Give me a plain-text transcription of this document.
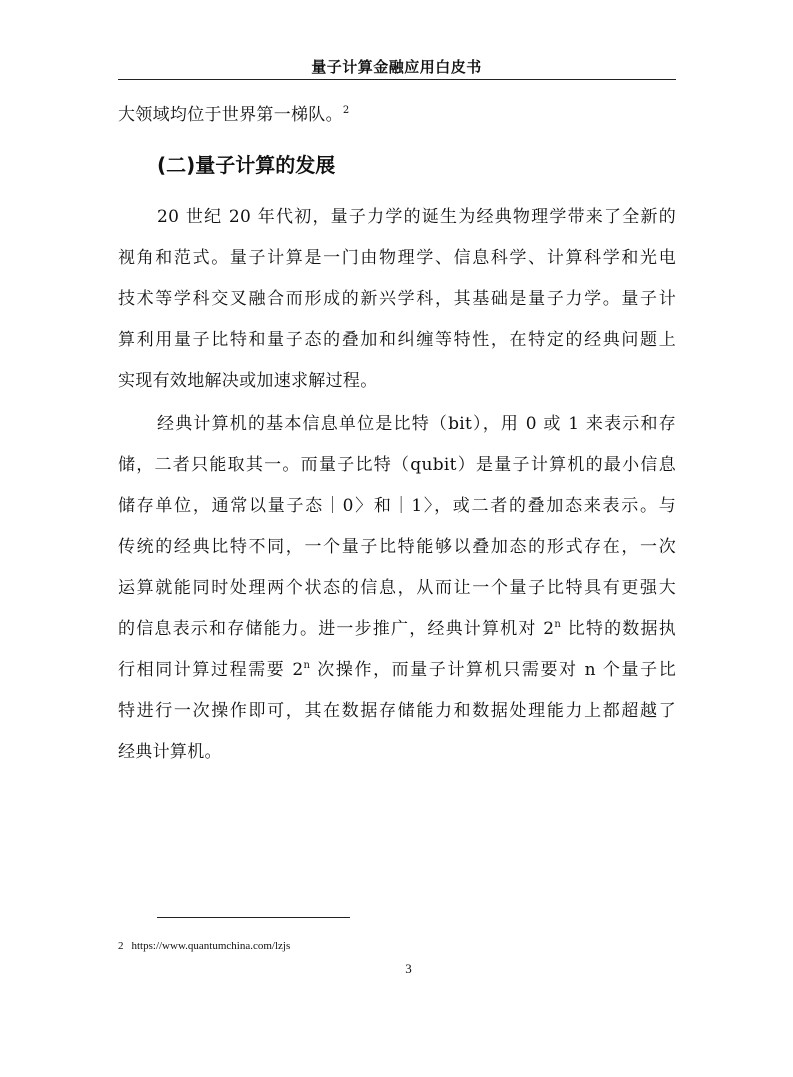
量子计算金融应用白皮书
大领域均位于世界第一梯队。$^2$
(二)量子计算的发展
20 世纪 20 年代初，量子力学的诞生为经典物理学带来了全新的
视角和范式。量子计算是一门由物理学、信息科学、计算科学和光电
技术等学科交叉融合而形成的新兴学科，其基础是量子力学。量子计
算利用量子比特和量子态的叠加和纠缠等特性，在特定的经典问题上
实现有效地解决或加速求解过程。
经典计算机的基本信息单位是比特（bit），用 0 或 1 来表示和存
储，二者只能取其一。而量子比特（qubit）是量子计算机的最小信息
储存单位，通常以量子态｜0〉和｜1〉，或二者的叠加态来表示。与
传统的经典比特不同，一个量子比特能够以叠加态的形式存在，一次
运算就能同时处理两个状态的信息，从而让一个量子比特具有更强大
的信息表示和存储能力。进一步推广，经典计算机对 2$^n$ 比特的数据执
行相同计算过程需要 2$^n$ 次操作，而量子计算机只需要对 n 个量子比
特进行一次操作即可，其在数据存储能力和数据处理能力上都超越了
经典计算机。
2 https://www.quantumchina.com/lzjs
3
